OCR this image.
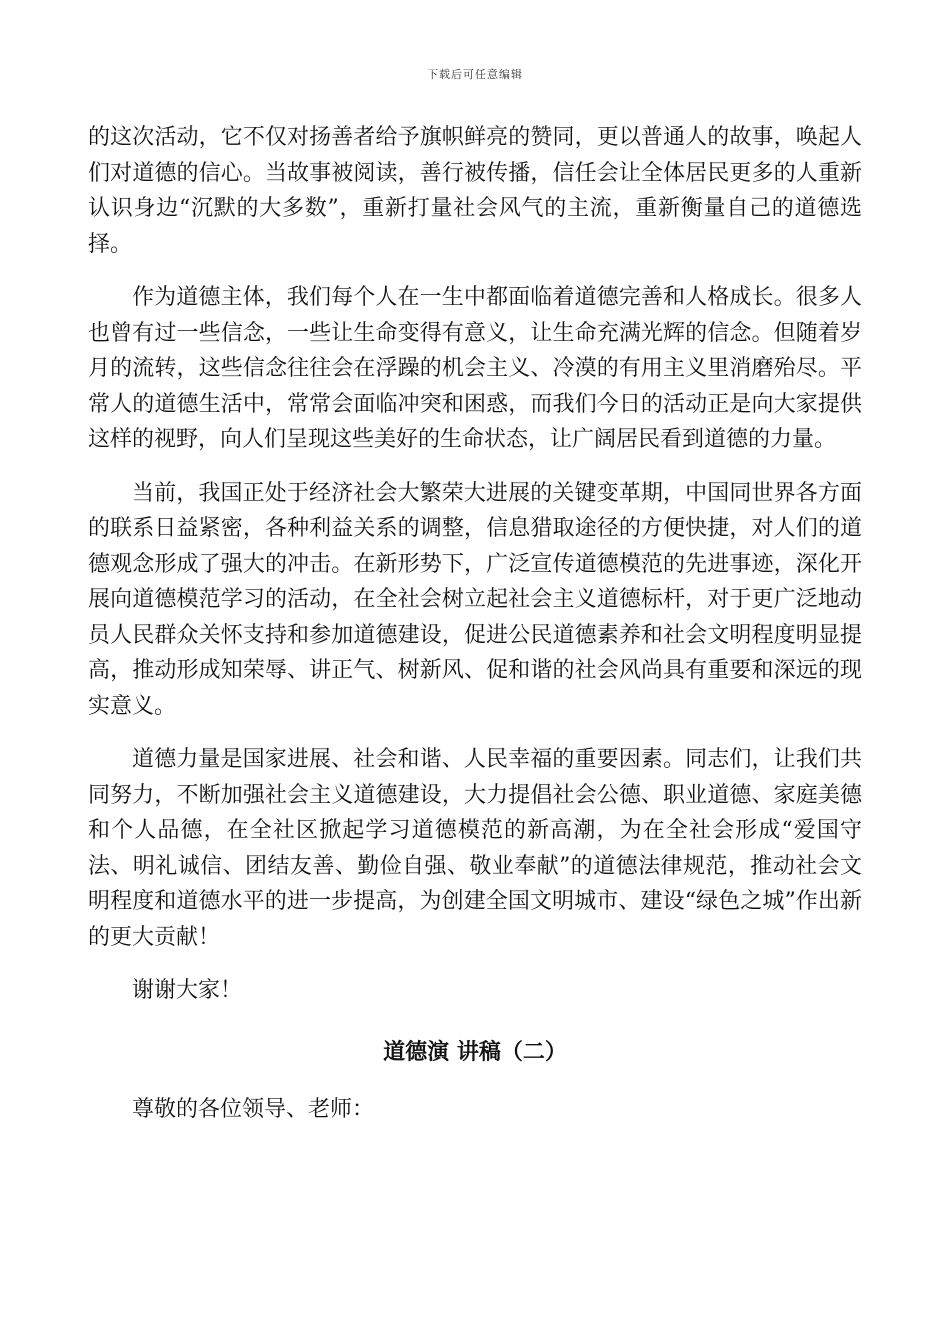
下载后可任意编辑

的这次活动，它不仅对扬善者给予旗帜鲜亮的赞同，更以普通人的故事，唤起人们对道德的信心。当故事被阅读，善行被传播，信任会让全体居民更多的人重新认识身边“沉默的大多数”，重新打量社会风气的主流，重新衡量自己的道德选择。

作为道德主体，我们每个人在一生中都面临着道德完善和人格成长。很多人也曾有过一些信念，一些让生命变得有意义，让生命充满光辉的信念。但随着岁月的流转，这些信念往往会在浮躁的机会主义、冷漠的有用主义里消磨殆尽。平常人的道德生活中，常常会面临冲突和困惑，而我们今日的活动正是向大家提供这样的视野，向人们呈现这些美好的生命状态，让广阔居民看到道德的力量。

当前，我国正处于经济社会大繁荣大进展的关键变革期，中国同世界各方面的联系日益紧密，各种利益关系的调整，信息猎取途径的方便快捷，对人们的道德观念形成了强大的冲击。在新形势下，广泛宣传道德模范的先进事迹，深化开展向道德模范学习的活动，在全社会树立起社会主义道德标杆，对于更广泛地动员人民群众关怀支持和参加道德建设，促进公民道德素养和社会文明程度明显提高，推动形成知荣辱、讲正气、树新风、促和谐的社会风尚具有重要和深远的现实意义。

道德力量是国家进展、社会和谐、人民幸福的重要因素。同志们，让我们共同努力，不断加强社会主义道德建设，大力提倡社会公德、职业道德、家庭美德和个人品德，在全社区掀起学习道德模范的新高潮，为在全社会形成“爱国守法、明礼诚信、团结友善、勤俭自强、敬业奉献”的道德法律规范，推动社会文明程度和道德水平的进一步提高，为创建全国文明城市、建设“绿色之城”作出新的更大贡献！

谢谢大家！

道德演 讲稿（二）

尊敬的各位领导、老师：
